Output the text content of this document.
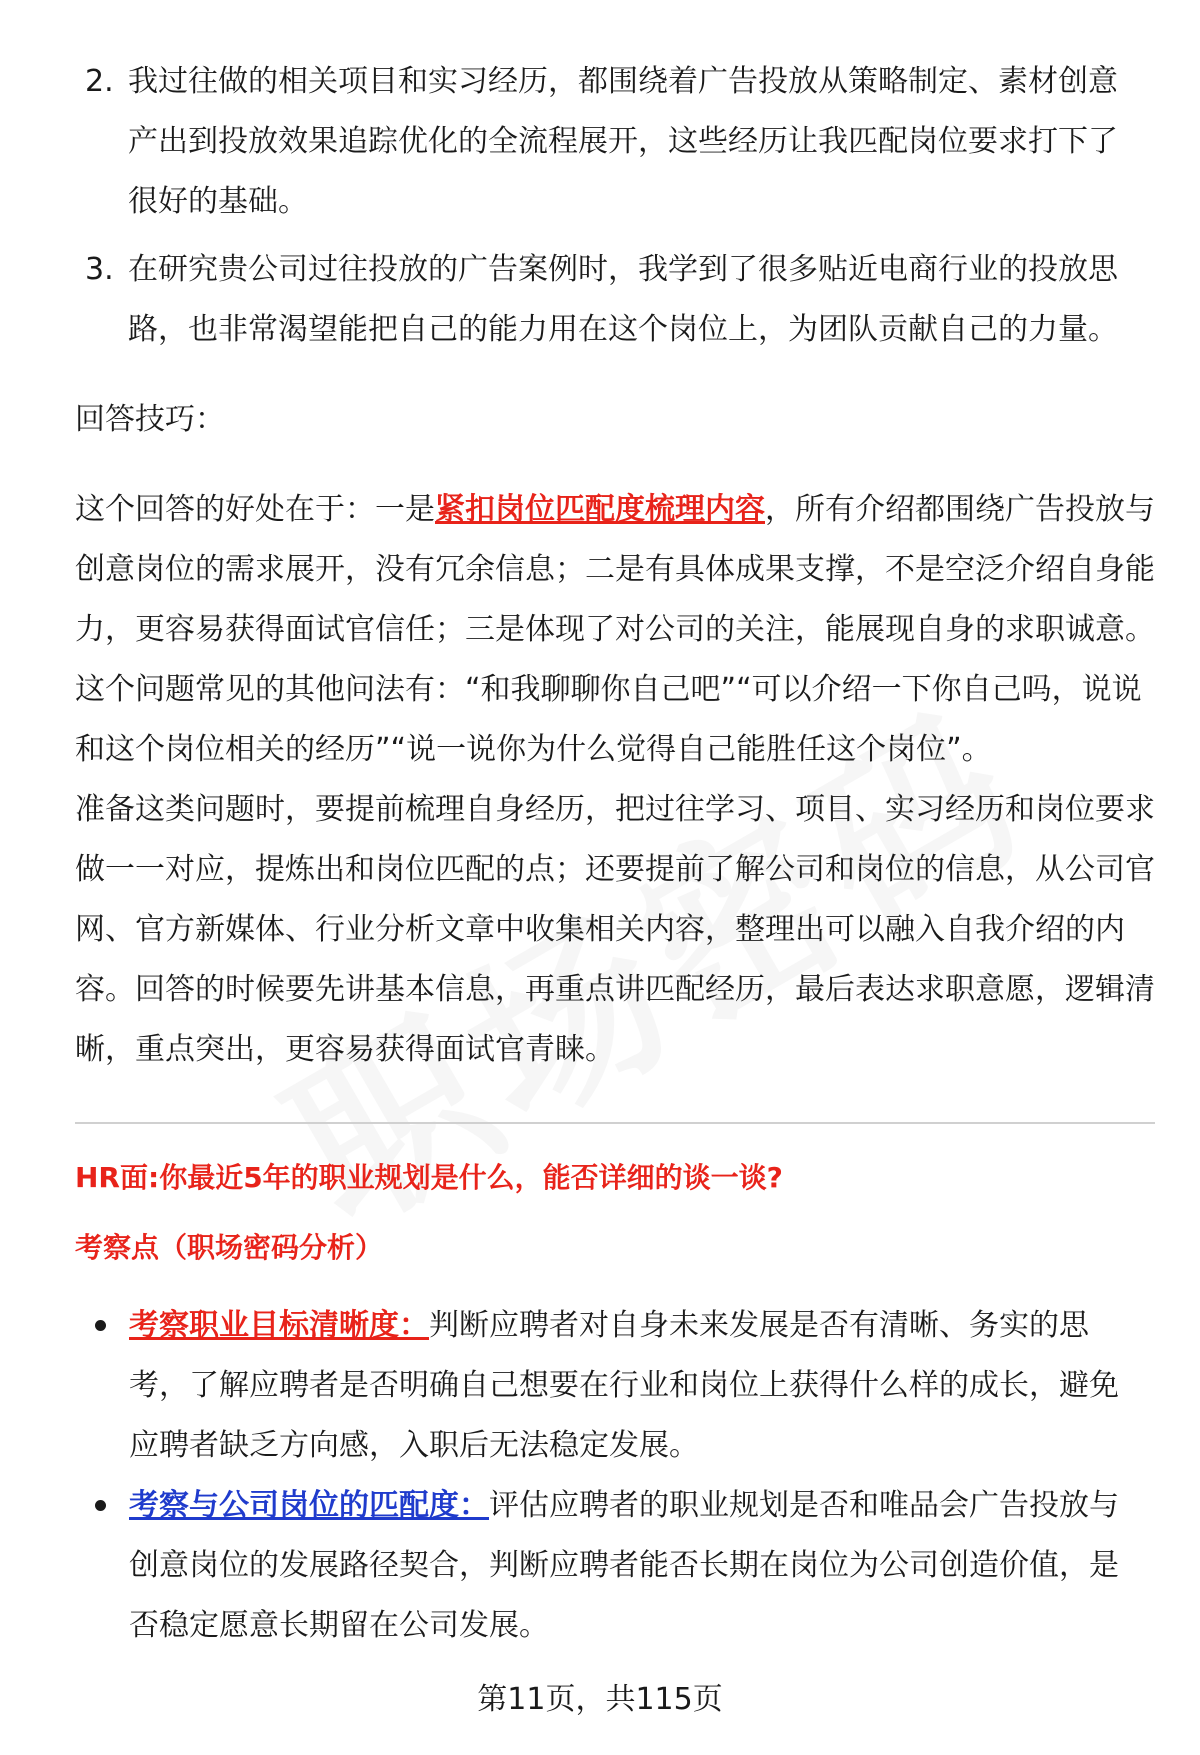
2. 我过往做的相关项目和实习经历，都围绕着广告投放从策略制定、素材创意产出到投放效果追踪优化的全流程展开，这些经历让我匹配岗位要求打下了很好的基础。
3. 在研究贵公司过往投放的广告案例时，我学到了很多贴近电商行业的投放思路，也非常渴望能把自己的能力用在这个岗位上，为团队贡献自己的力量。
回答技巧：
这个回答的好处在于：一是紧扣岗位匹配度梳理内容，所有介绍都围绕广告投放与创意岗位的需求展开，没有冗余信息；二是有具体成果支撑，不是空泛介绍自身能力，更容易获得面试官信任；三是体现了对公司的关注，能展现自身的求职诚意。
这个问题常见的其他问法有：“和我聊聊你自己吧”“可以介绍一下你自己吗，说说和这个岗位相关的经历”“说一说你为什么觉得自己能胜任这个岗位”。
准备这类问题时，要提前梳理自身经历，把过往学习、项目、实习经历和岗位要求做一一对应，提炼出和岗位匹配的点；还要提前了解公司和岗位的信息，从公司官网、官方新媒体、行业分析文章中收集相关内容，整理出可以融入自我介绍的内容。回答的时候要先讲基本信息，再重点讲匹配经历，最后表达求职意愿，逻辑清晰，重点突出，更容易获得面试官青睐。
HR面:你最近5年的职业规划是什么，能否详细的谈一谈?
考察点（职场密码分析）
考察职业目标清晰度：判断应聘者对自身未来发展是否有清晰、务实的思考，了解应聘者是否明确自己想要在行业和岗位上获得什么样的成长，避免应聘者缺乏方向感，入职后无法稳定发展。
考察与公司岗位的匹配度：评估应聘者的职业规划是否和唯品会广告投放与创意岗位的发展路径契合，判断应聘者能否长期在岗位为公司创造价值，是否稳定愿意长期留在公司发展。
第11页，共115页
